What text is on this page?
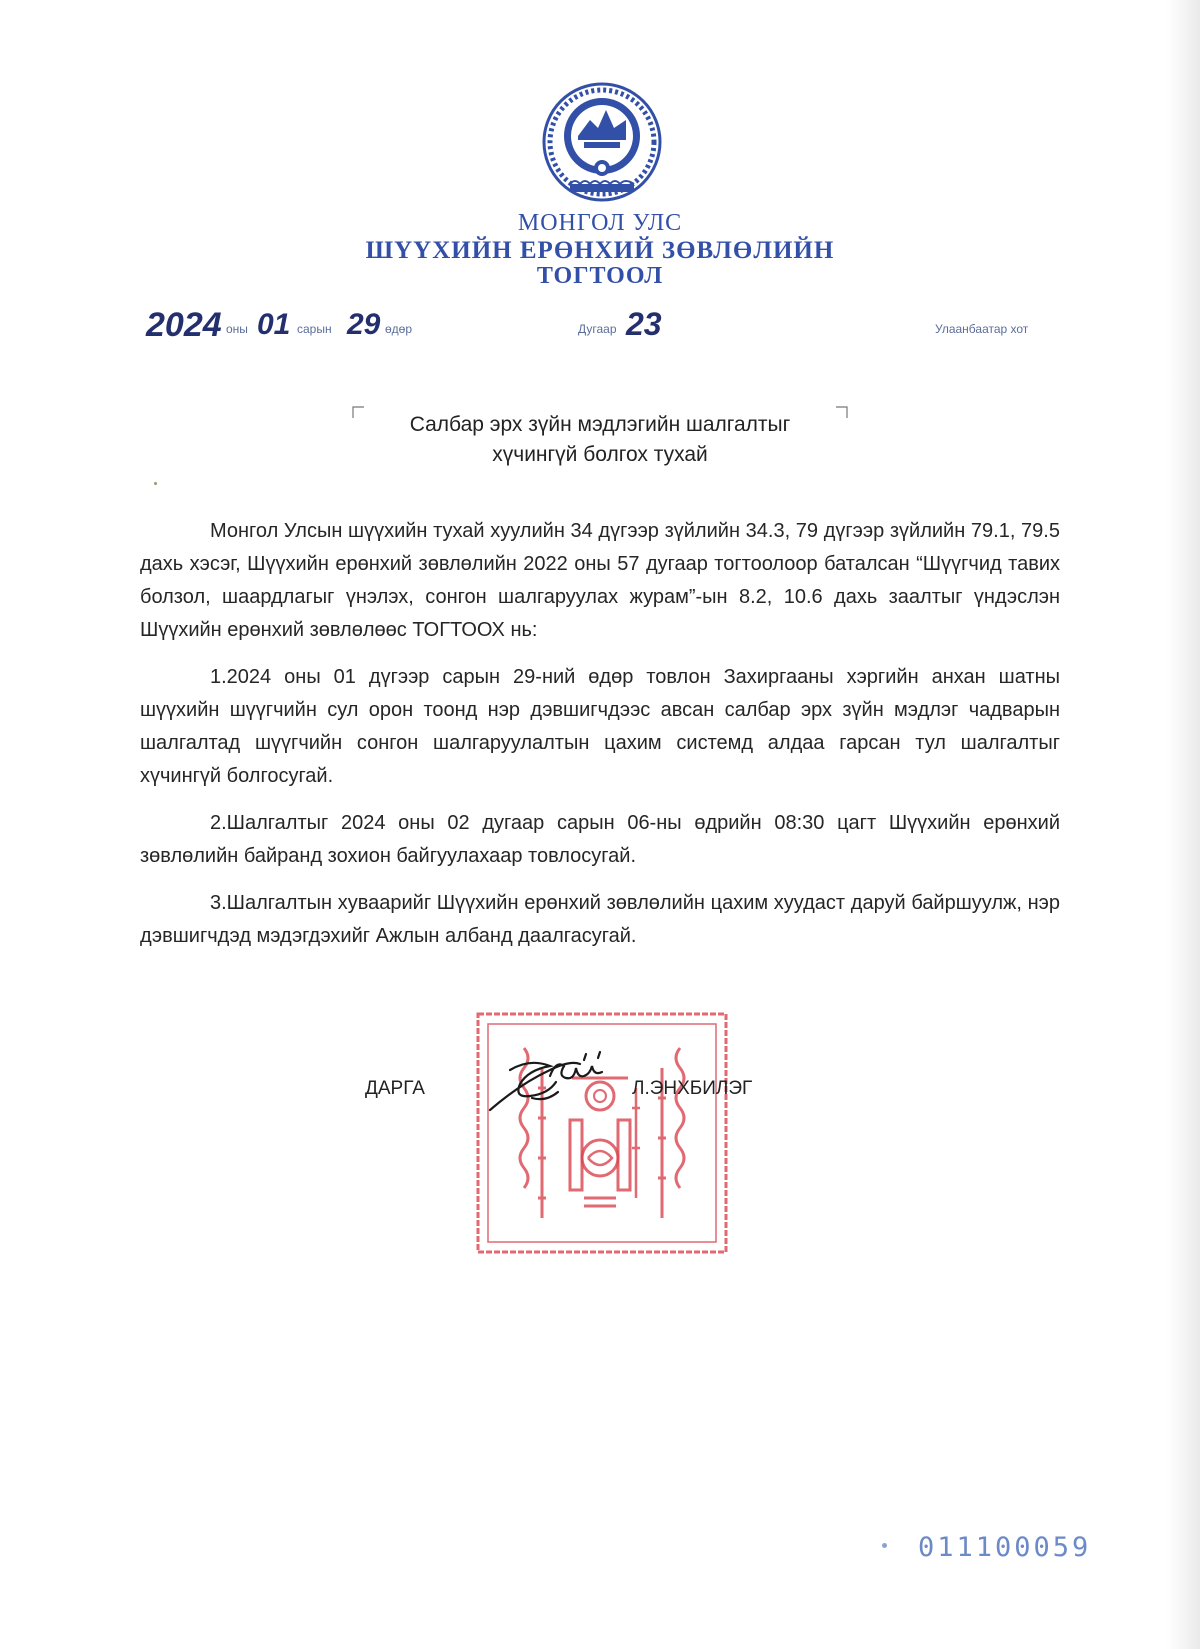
МОНГОЛ УЛС
ШҮҮХИЙН ЕРӨНХИЙ ЗӨВЛӨЛИЙН
ТОГТООЛ
2024 оны 01 сарын 29 өдөр	Дугаар 23	Улаанбаатар хот
Салбар эрх зүйн мэдлэгийн шалгалтыг
хүчингүй болгох тухай

Монгол Улсын шүүхийн тухай хуулийн 34 дүгээр зүйлийн 34.3, 79 дүгээр зүйлийн 79.1, 79.5 дахь хэсэг, Шүүхийн ерөнхий зөвлөлийн 2022 оны 57 дугаар тогтоолоор баталсан “Шүүгчид тавих болзол, шаардлагыг үнэлэх, сонгон шалгаруулах журам”-ын 8.2, 10.6 дахь заалтыг үндэслэн Шүүхийн ерөнхий зөвлөлөөс ТОГТООХ нь:

1.2024 оны 01 дүгээр сарын 29-ний өдөр товлон Захиргааны хэргийн анхан шатны шүүхийн шүүгчийн сул орон тоонд нэр дэвшигчдээс авсан салбар эрх зүйн мэдлэг чадварын шалгалтад шүүгчийн сонгон шалгаруулалтын цахим системд алдаа гарсан тул шалгалтыг хүчингүй болгосугай.

2.Шалгалтыг 2024 оны 02 дугаар сарын 06-ны өдрийн 08:30 цагт Шүүхийн ерөнхий зөвлөлийн байранд зохион байгуулахаар товлосугай.

3.Шалгалтын хуваарийг Шүүхийн ерөнхий зөвлөлийн цахим хуудаст даруй байршуулж, нэр дэвшигчдэд мэдэгдэхийг Ажлын албанд даалгасугай.

ДАРГА	Л.ЭНХБИЛЭГ
011100059
